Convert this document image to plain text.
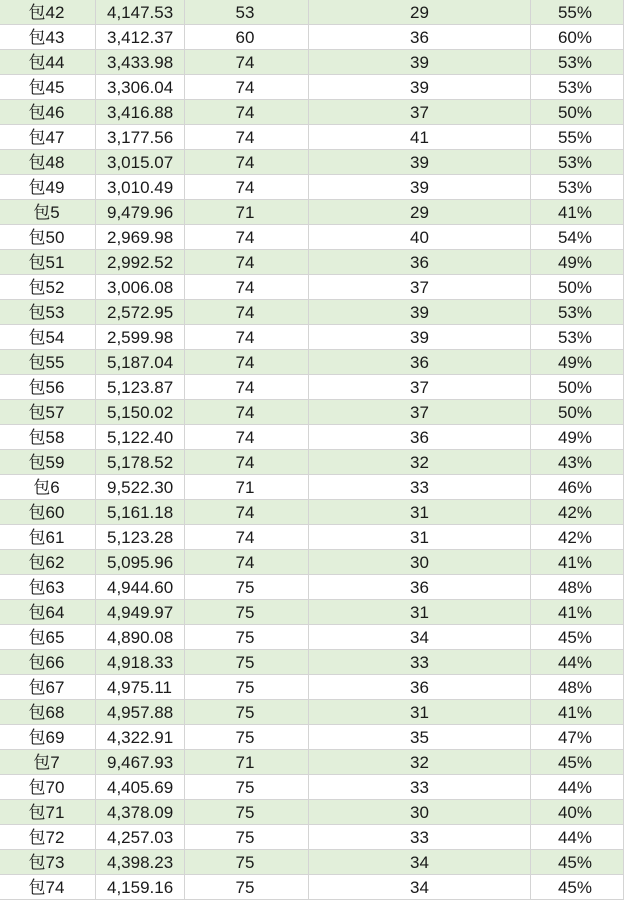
包42	4,147.53	53	29	55%
包43	3,412.37	60	36	60%
包44	3,433.98	74	39	53%
包45	3,306.04	74	39	53%
包46	3,416.88	74	37	50%
包47	3,177.56	74	41	55%
包48	3,015.07	74	39	53%
包49	3,010.49	74	39	53%
包5	9,479.96	71	29	41%
包50	2,969.98	74	40	54%
包51	2,992.52	74	36	49%
包52	3,006.08	74	37	50%
包53	2,572.95	74	39	53%
包54	2,599.98	74	39	53%
包55	5,187.04	74	36	49%
包56	5,123.87	74	37	50%
包57	5,150.02	74	37	50%
包58	5,122.40	74	36	49%
包59	5,178.52	74	32	43%
包6	9,522.30	71	33	46%
包60	5,161.18	74	31	42%
包61	5,123.28	74	31	42%
包62	5,095.96	74	30	41%
包63	4,944.60	75	36	48%
包64	4,949.97	75	31	41%
包65	4,890.08	75	34	45%
包66	4,918.33	75	33	44%
包67	4,975.11	75	36	48%
包68	4,957.88	75	31	41%
包69	4,322.91	75	35	47%
包7	9,467.93	71	32	45%
包70	4,405.69	75	33	44%
包71	4,378.09	75	30	40%
包72	4,257.03	75	33	44%
包73	4,398.23	75	34	45%
包74	4,159.16	75	34	45%
